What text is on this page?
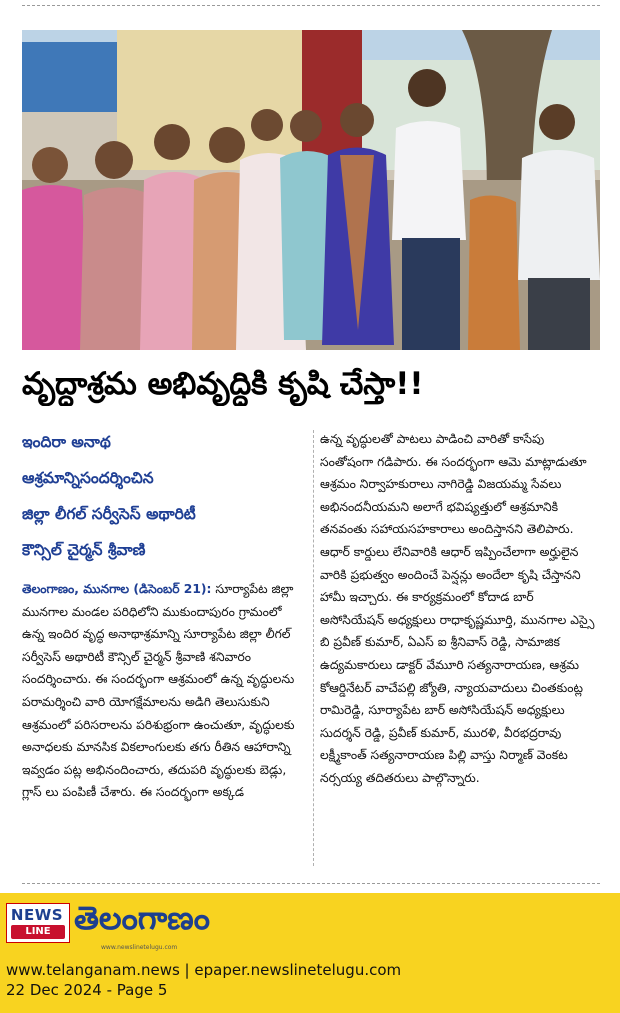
వృద్ధాశ్రమ అభివృద్ధికి కృషి చేస్తా!!
ఇందిరా అనాథ
ఆశ్రమాన్నిసందర్శించిన
జిల్లా లీగల్ సర్వీసెస్ అథారిటీ
కౌన్సిల్ చైర్మన్ శ్రీవాణి

తెలంగాణం, మునగాల (డిసెంబర్ 21): సూర్యాపేట జిల్లా మునగాల మండల పరిధిలోని ముకుందాపురం గ్రామంలో ఉన్న ఇందిర వృద్ధ అనాథాశ్రమాన్ని సూర్యాపేట జిల్లా లీగల్ సర్వీసెస్ అథారిటీ కౌన్సిల్ చైర్మన్ శ్రీవాణి శనివారం సందర్శించారు. ఈ సందర్భంగా ఆశ్రమంలో ఉన్న వృద్ధులను పరామర్శించి వారి యోగక్షేమాలను అడిగి తెలుసుకుని ఆశ్రమంలో పరిసరాలను పరిశుభ్రంగా ఉంచుతూ, వృద్ధులకు అనాధలకు మానసిక వికలాంగులకు తగు రీతిన ఆహారాన్ని ఇవ్వడం పట్ల అభినందించారు, తదుపరి వృద్ధులకు బెడ్లు, గ్లాస్ లు పంపిణీ చేశారు. ఈ సందర్భంగా అక్కడ

ఉన్న వృద్ధులతో పాటలు పాడించి వారితో కాసేపు సంతోషంగా గడిపారు. ఈ సందర్భంగా ఆమె మాట్లాడుతూ ఆశ్రమం నిర్వాహకురాలు నాగిరెడ్డి విజయమ్మ సేవలు అభినందనీయమని అలాగే భవిష్యత్తులో ఆశ్రమానికి తనవంతు సహాయసహకారాలు అందిస్తానని తెలిపారు. ఆధార్ కార్డులు లేనివారికి ఆధార్ ఇప్పించేలాగా అర్హులైన వారికి ప్రభుత్వం అందించే పెన్షన్లు అందేలా కృషి చేస్తానని హామీ ఇచ్చారు. ఈ కార్యక్రమంలో కోదాడ బార్ అసోసియేషన్ అధ్యక్షులు రాధాకృష్ణమూర్తి, మునగాల ఎస్సై బి ప్రవీణ్ కుమార్, ఏఎస్ ఐ శ్రీనివాస్ రెడ్డి, సామాజిక ఉద్యమకారులు డాక్టర్ వేమూరి సత్యనారాయణ, ఆశ్రమ కోఆర్డినేటర్ వాచేపల్లి జ్యోతి, న్యాయవాదులు చింతకుంట్ల రామిరెడ్డి, సూర్యాపేట బార్ అసోసియేషన్ అధ్యక్షులు సుదర్శన్ రెడ్డి, ప్రవీణ్ కుమార్, మురళి, వీరభద్రరావు లక్ష్మీకాంత్ సత్యనారాయణ పిల్లి వాస్తు నిర్మాణ్ వెంకట నర్సయ్య తదితరులు పాల్గొన్నారు.

NEWS
LINE తెలంగాణం
www.newslinetelugu.com
www.telanganam.news | epaper.newslinetelugu.com
22 Dec 2024 - Page 5
